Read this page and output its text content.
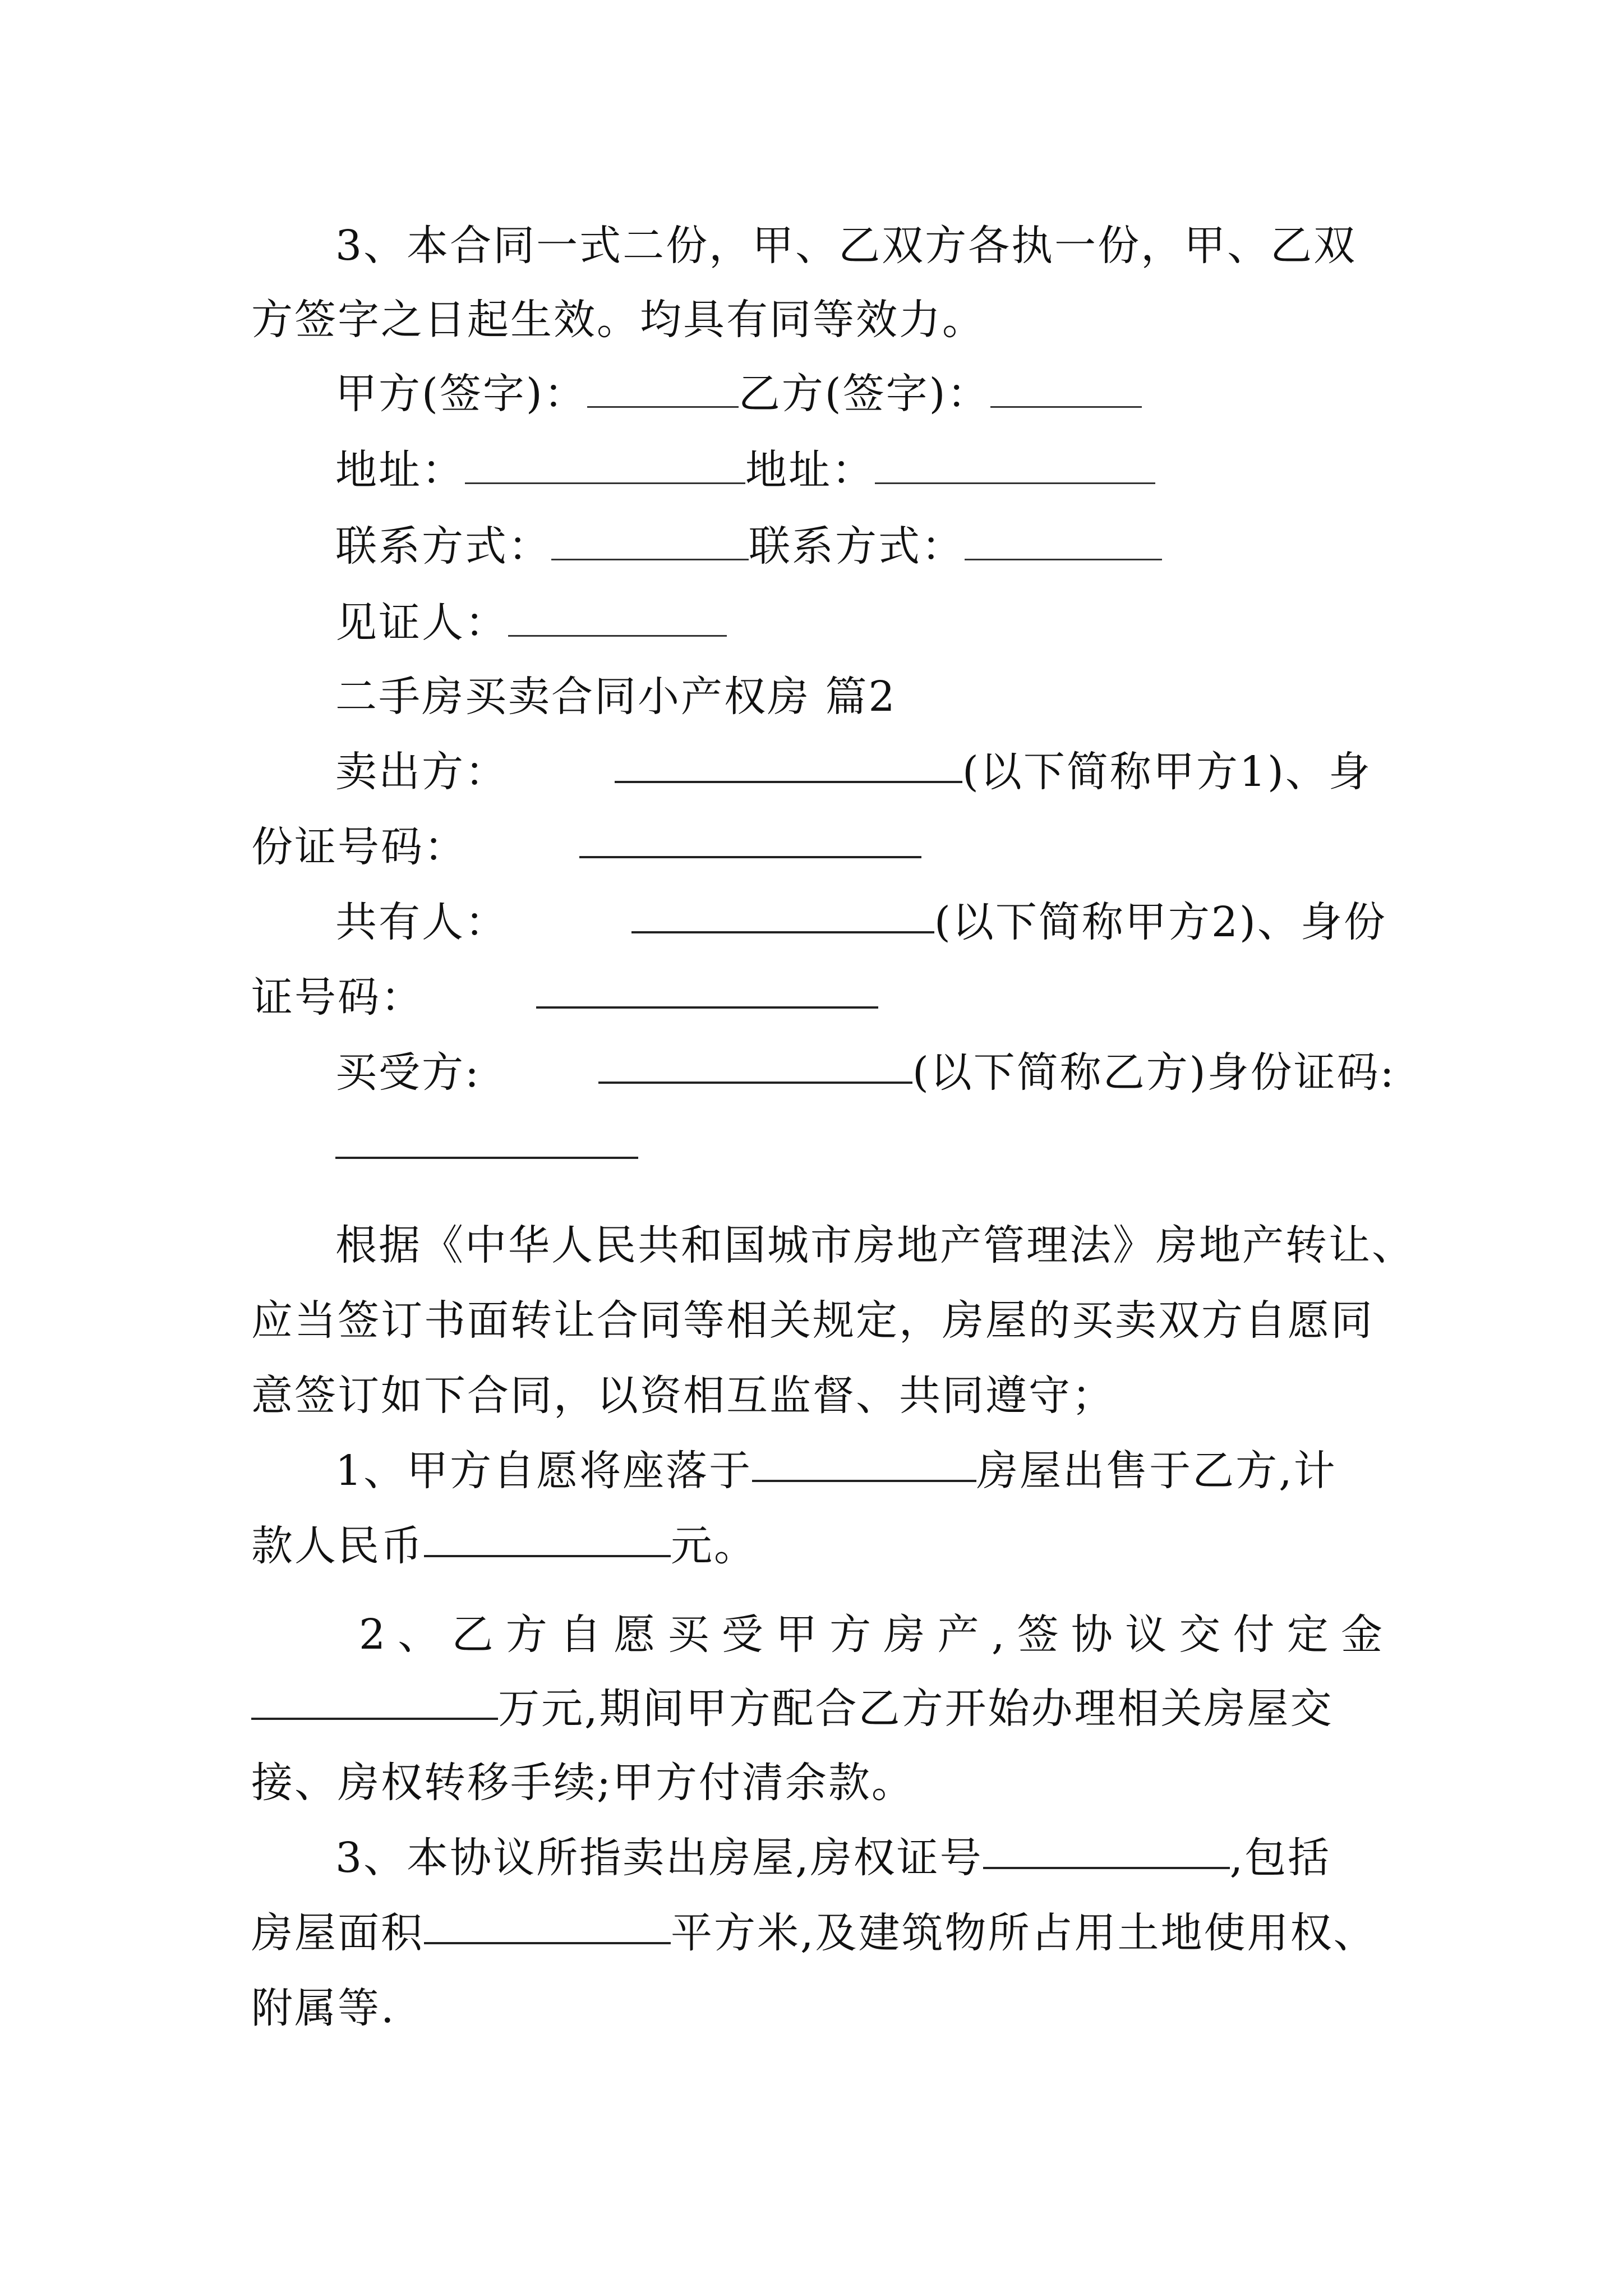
3、本合同一式二份，甲、乙双方各执一份，甲、乙双
方签字之日起生效。均具有同等效力。
甲方(签字)：	乙方(签字)：
地址：	地址：
联系方式：	联系方式：
见证人：
二手房买卖合同小产权房 篇2
卖出方：	(以下简称甲方1)、身
份证号码：
共有人：	(以下简称甲方2)、身份
证号码：
买受方:	(以下简称乙方)身份证码:
根据《中华人民共和国城市房地产管理法》房地产转让、
应当签订书面转让合同等相关规定，房屋的买卖双方自愿同
意签订如下合同，以资相互监督、共同遵守；
1、甲方自愿将座落于	房屋出售于乙方,计
款人民币	元。
2、乙方自愿买受甲方房产,签协议交付定金
万元,期间甲方配合乙方开始办理相关房屋交
接、房权转移手续;甲方付清余款。
3、本协议所指卖出房屋,房权证号	,包括
房屋面积	平方米,及建筑物所占用土地使用权、
附属等.
